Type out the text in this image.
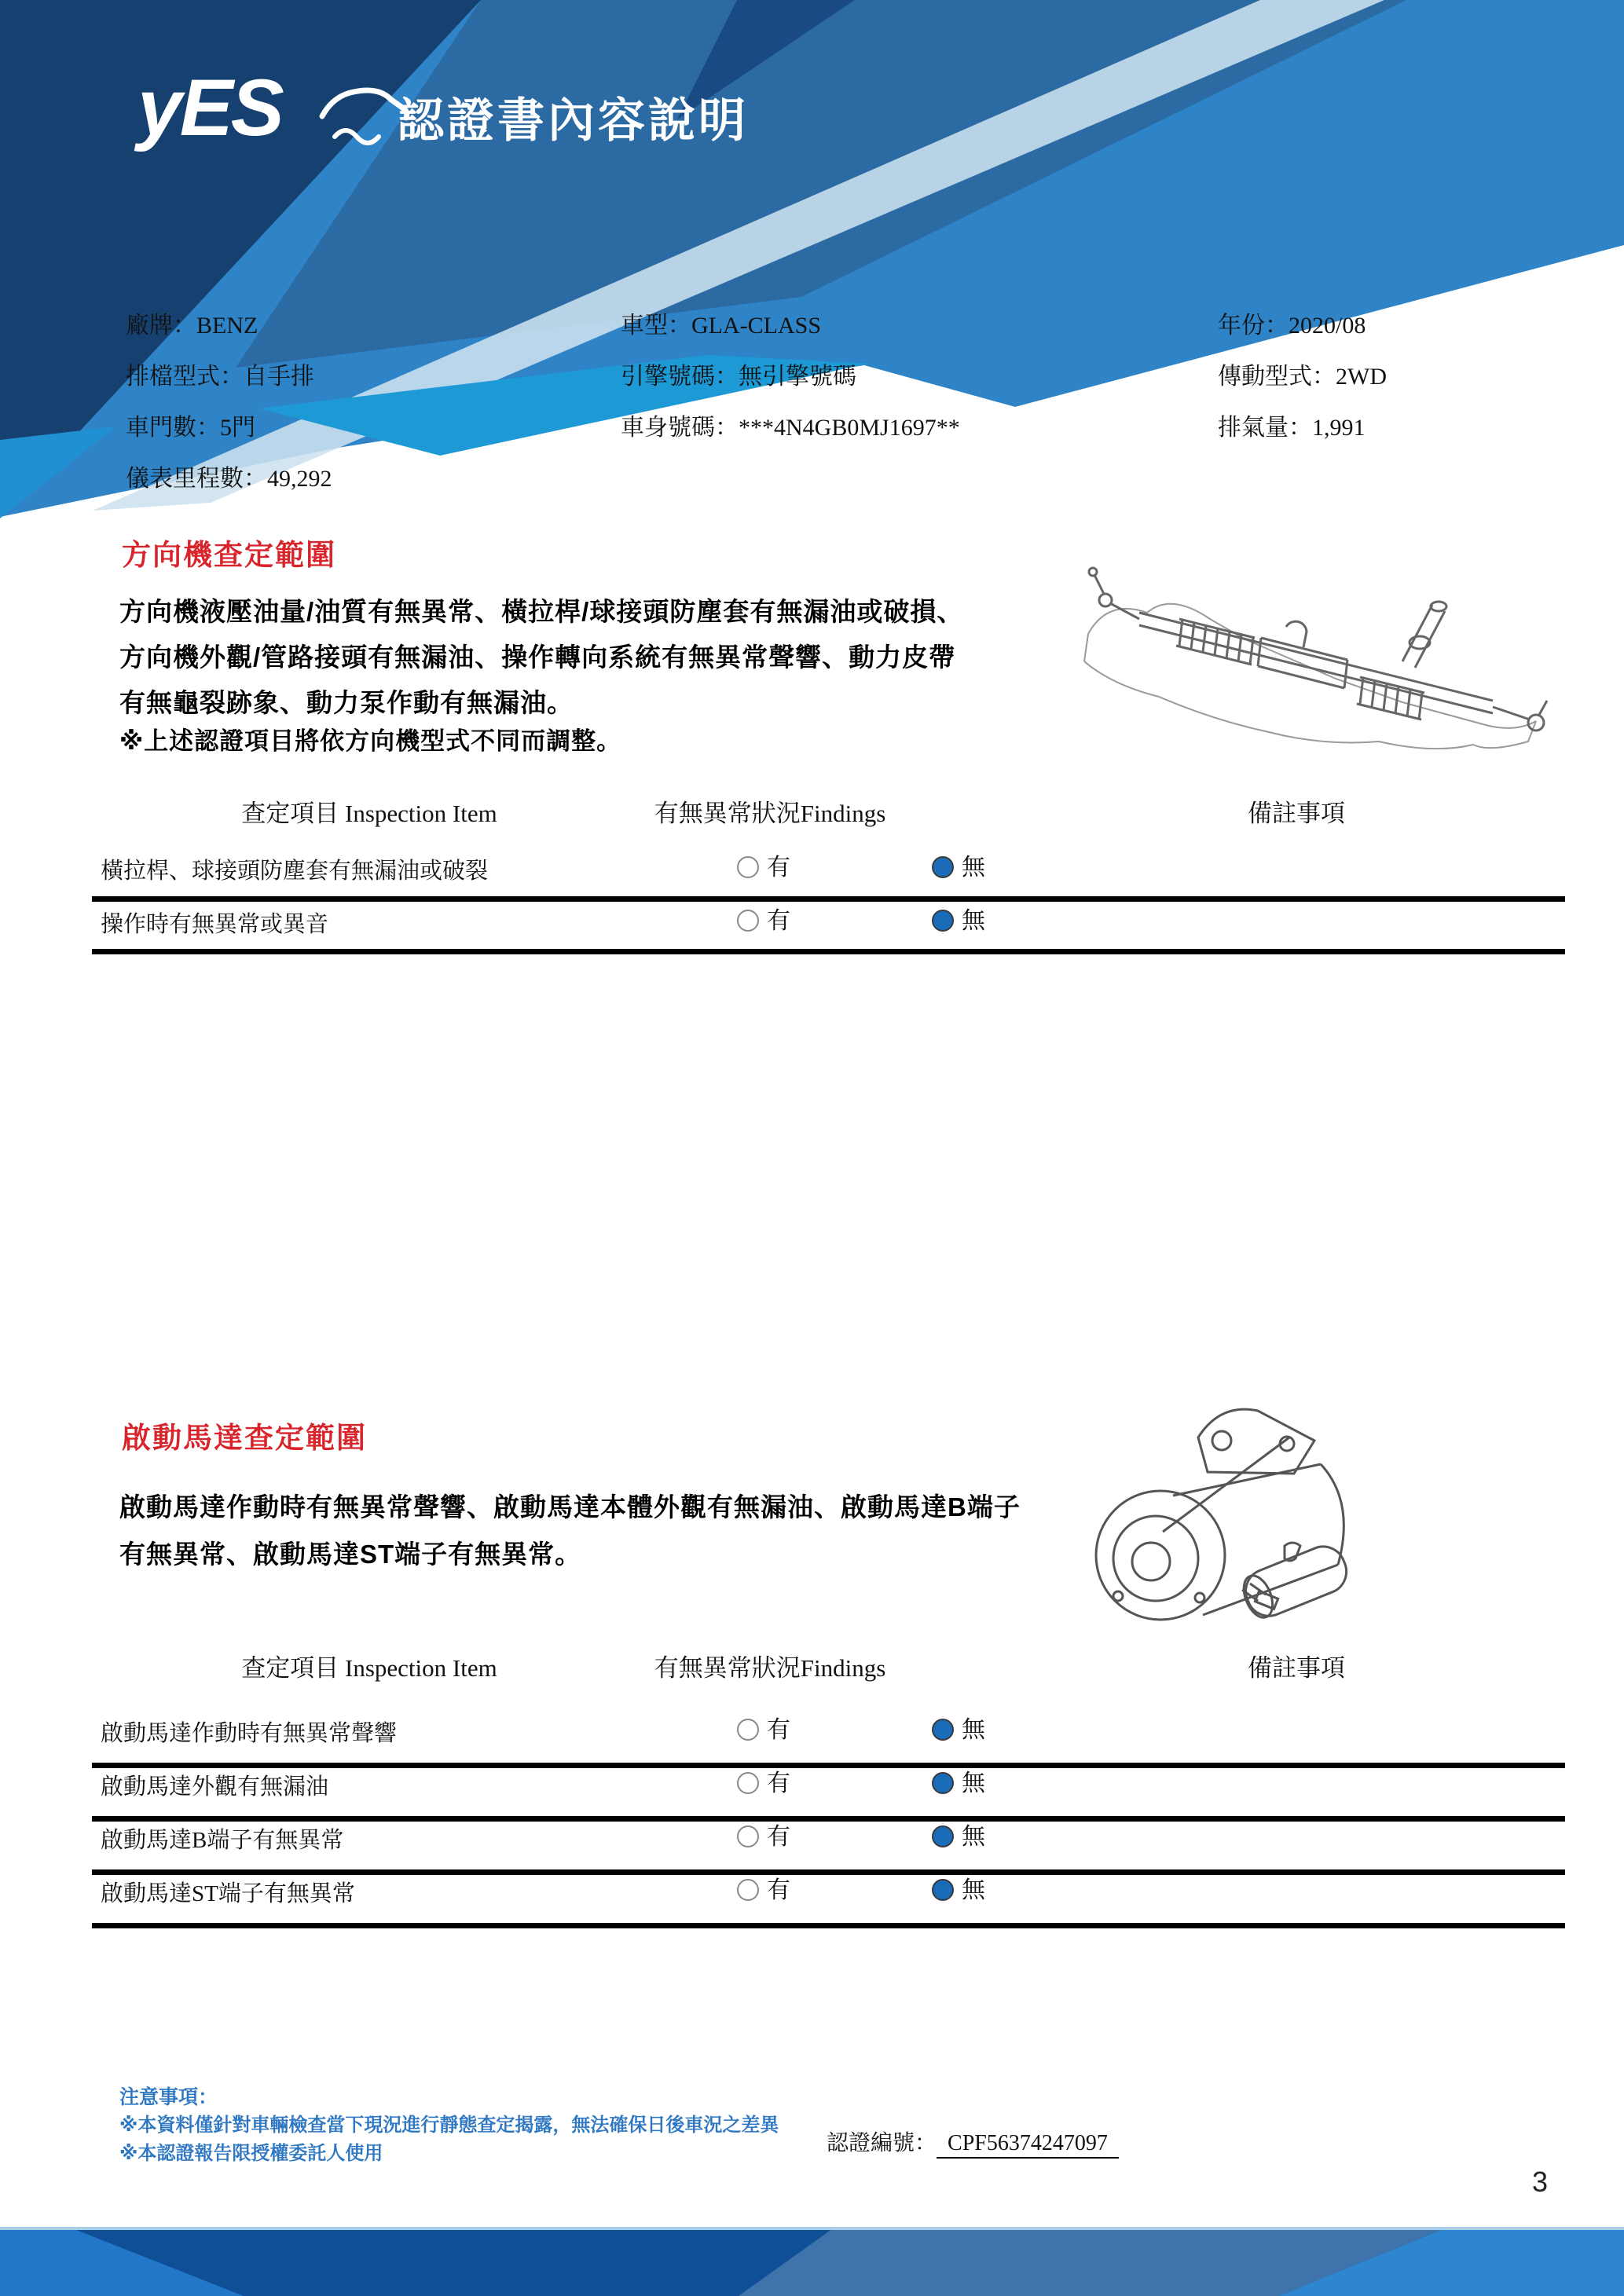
yES 認證書內容說明
廠牌：BENZ	車型：GLA-CLASS	年份：2020/08
排檔型式：自手排	引擎號碼：無引擎號碼	傳動型式：2WD
車門數：5門	車身號碼：***4N4GB0MJ1697**	排氣量：1,991
儀表里程數：49,292
方向機查定範圍
方向機液壓油量/油質有無異常、橫拉桿/球接頭防塵套有無漏油或破損、
方向機外觀/管路接頭有無漏油、操作轉向系統有無異常聲響、動力皮帶
有無龜裂跡象、動力泵作動有無漏油。
※上述認證項目將依方向機型式不同而調整。
查定項目 Inspection Item	有無異常狀況Findings	備註事項
橫拉桿、球接頭防塵套有無漏油或破裂	有	無
操作時有無異常或異音	有	無
啟動馬達查定範圍
啟動馬達作動時有無異常聲響、啟動馬達本體外觀有無漏油、啟動馬達B端子
有無異常、啟動馬達ST端子有無異常。
查定項目 Inspection Item	有無異常狀況Findings	備註事項
啟動馬達作動時有無異常聲響	有	無
啟動馬達外觀有無漏油	有	無
啟動馬達B端子有無異常	有	無
啟動馬達ST端子有無異常	有	無
注意事項：
※本資料僅針對車輛檢查當下現況進行靜態查定揭露，無法確保日後車況之差異
※本認證報告限授權委託人使用	認證編號： CPF56374247097
3
